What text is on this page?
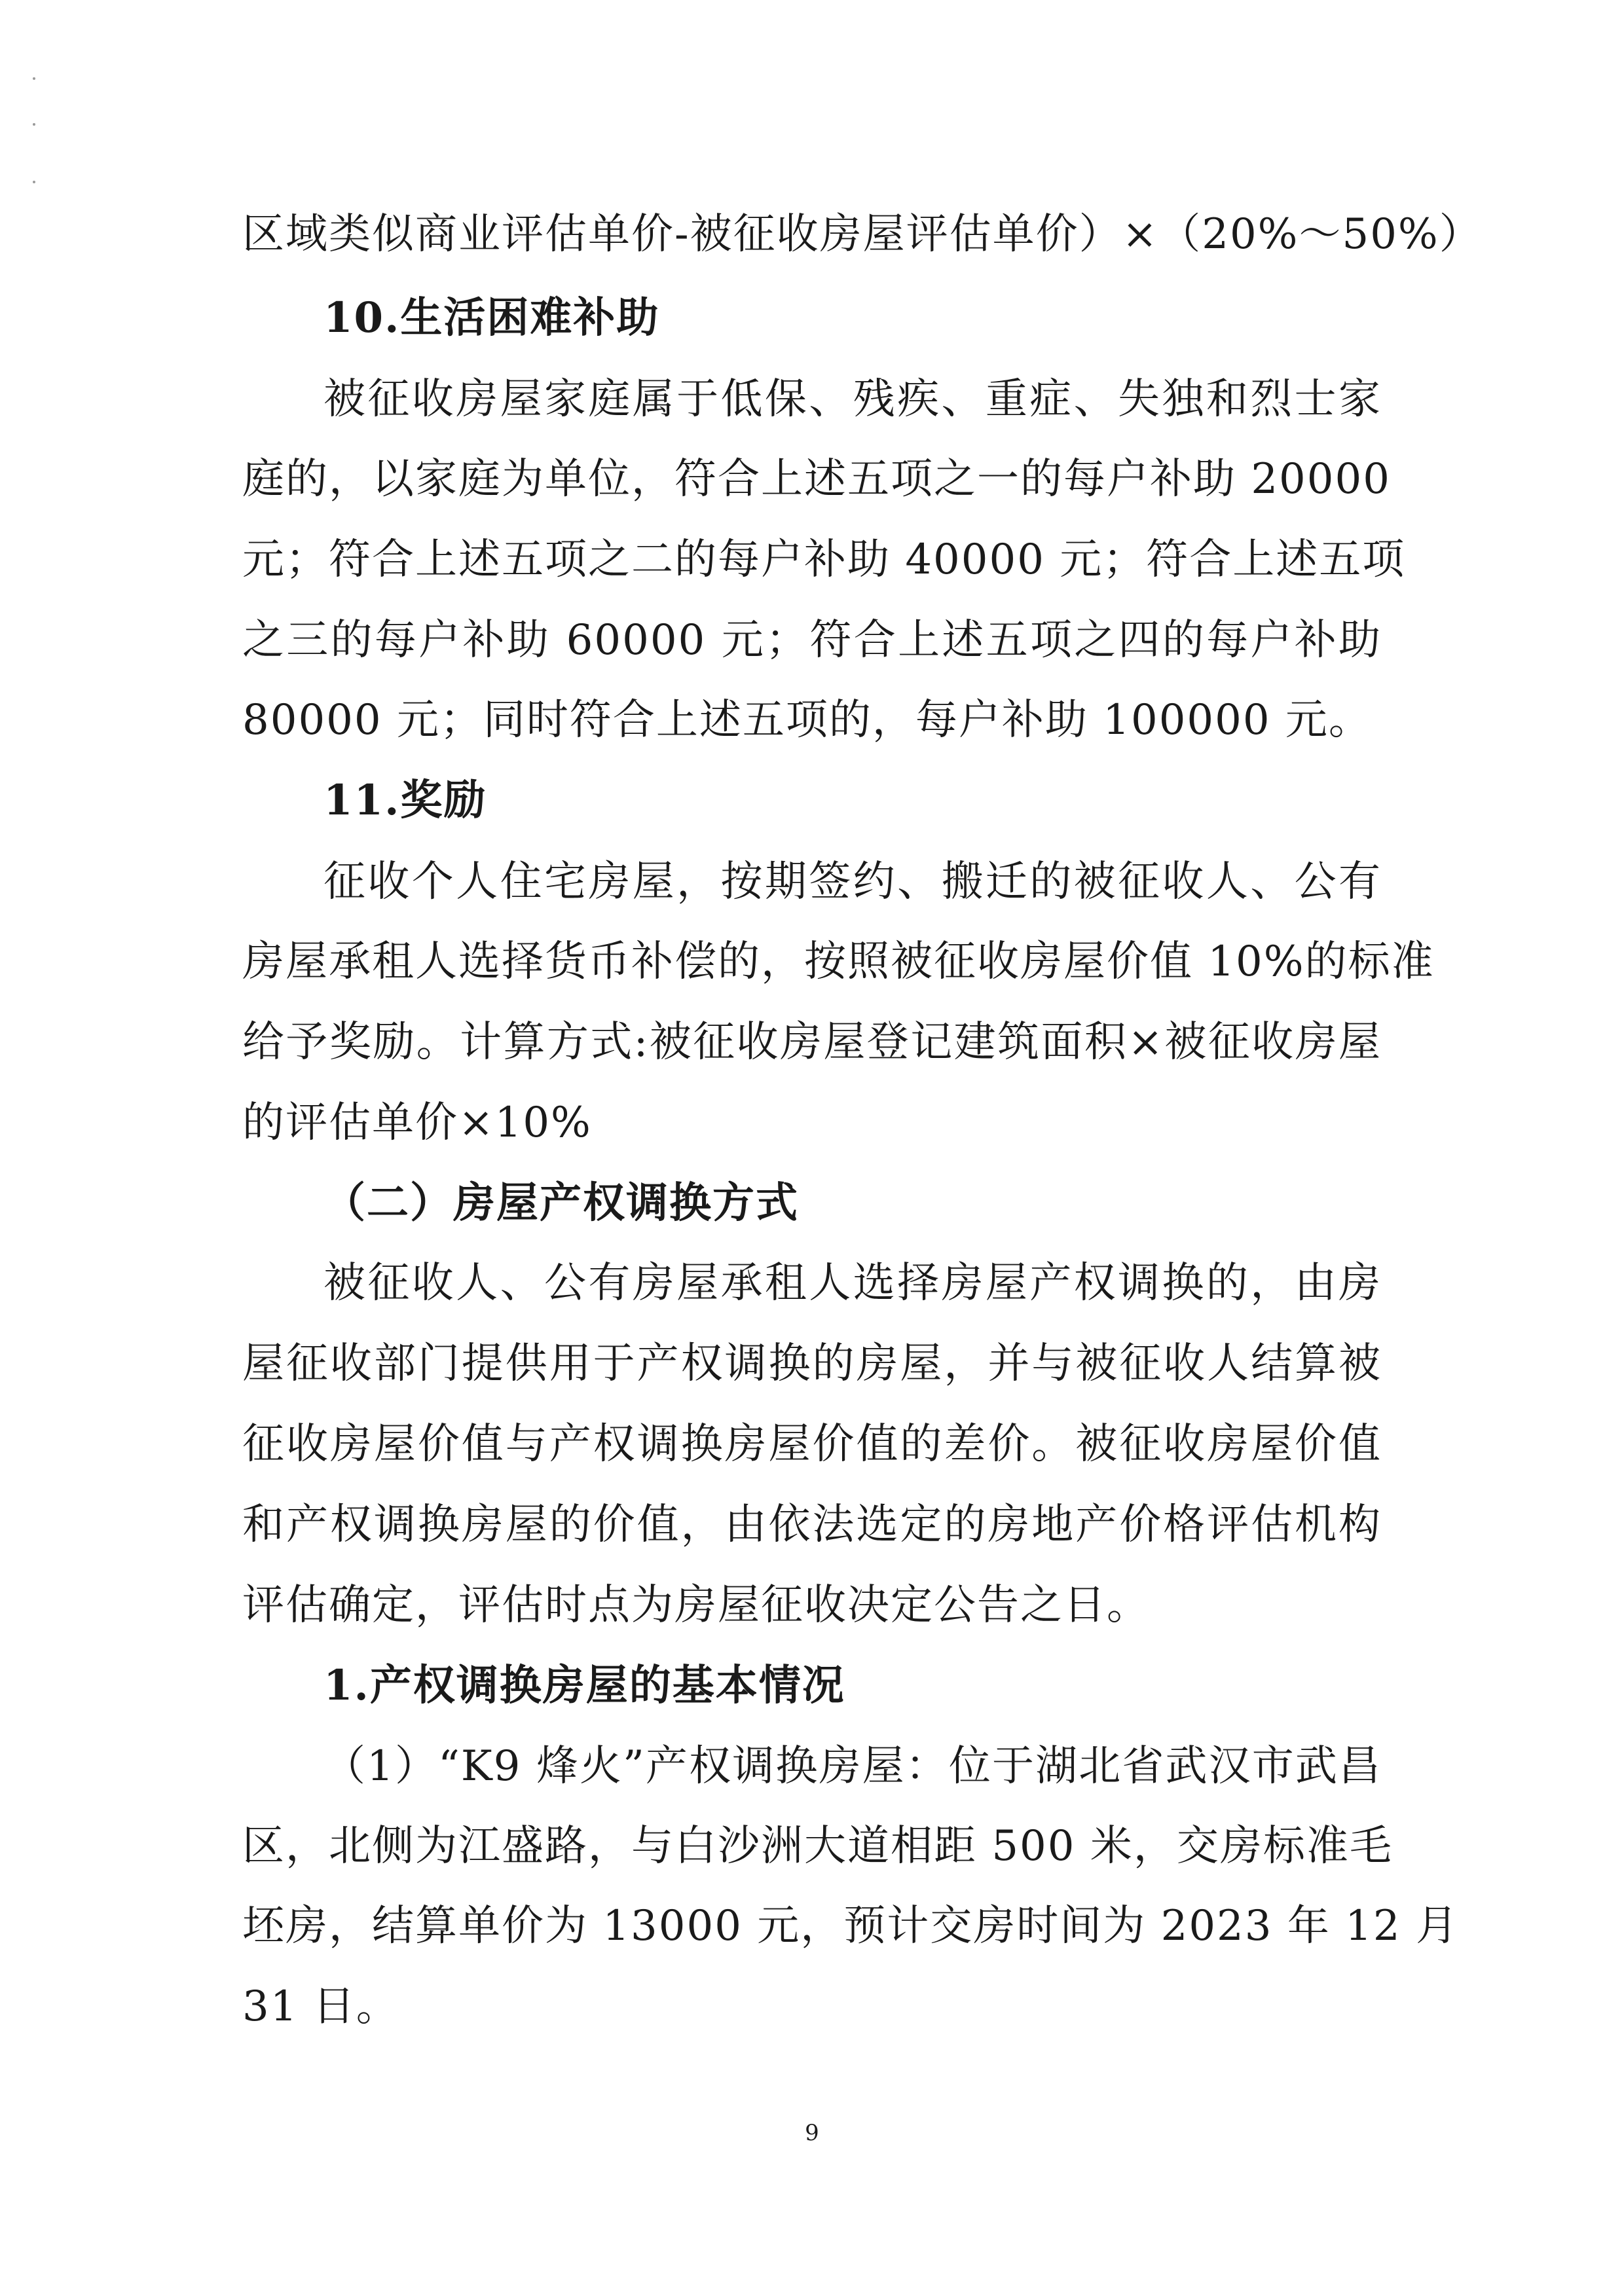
区域类似商业评估单价-被征收房屋评估单价）×（20%～50%）
10.生活困难补助
被征收房屋家庭属于低保、残疾、重症、失独和烈士家
庭的，以家庭为单位，符合上述五项之一的每户补助 20000
元；符合上述五项之二的每户补助 40000 元；符合上述五项
之三的每户补助 60000 元；符合上述五项之四的每户补助
80000 元；同时符合上述五项的，每户补助 100000 元。
11.奖励
征收个人住宅房屋，按期签约、搬迁的被征收人、公有
房屋承租人选择货币补偿的，按照被征收房屋价值 10%的标准
给予奖励。计算方式:被征收房屋登记建筑面积×被征收房屋
的评估单价×10%
（二）房屋产权调换方式
被征收人、公有房屋承租人选择房屋产权调换的，由房
屋征收部门提供用于产权调换的房屋，并与被征收人结算被
征收房屋价值与产权调换房屋价值的差价。被征收房屋价值
和产权调换房屋的价值，由依法选定的房地产价格评估机构
评估确定，评估时点为房屋征收决定公告之日。
1.产权调换房屋的基本情况
（1）“K9 烽火”产权调换房屋：位于湖北省武汉市武昌
区，北侧为江盛路，与白沙洲大道相距 500 米，交房标准毛
坯房，结算单价为 13000 元，预计交房时间为 2023 年 12 月
31 日。
9
